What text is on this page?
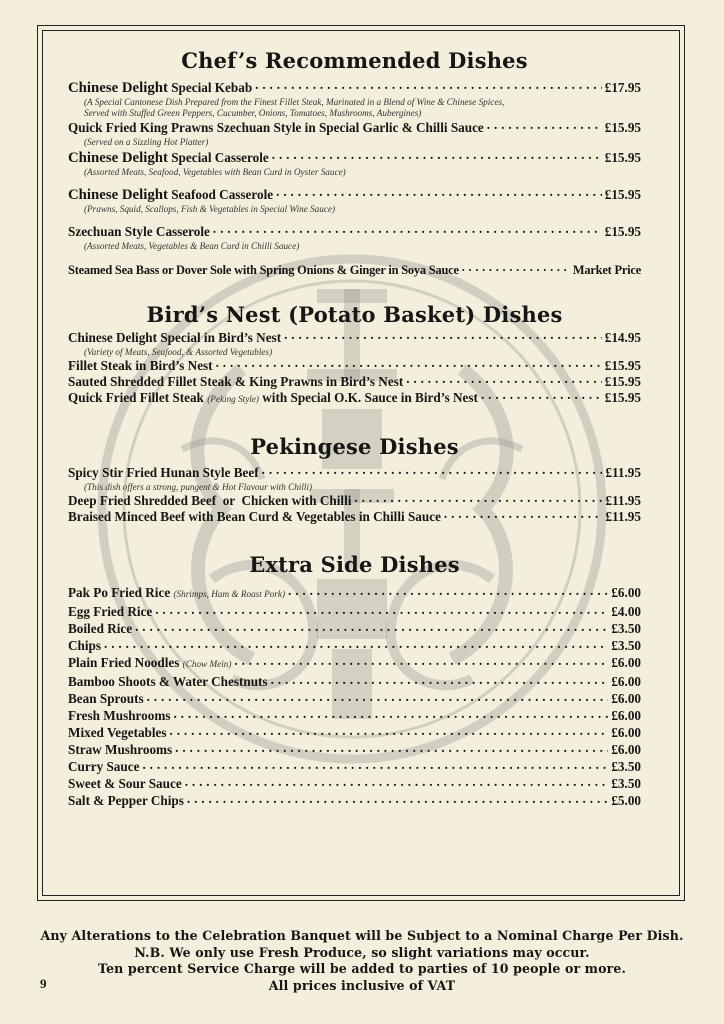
Chef’s Recommended Dishes
Chinese Delight Special Kebab . . .	£17.95
(A Special Cantonese Dish Prepared from the Finest Fillet Steak, Marinated in a Blend of Wine & Chinese Spices, Served with Stuffed Green Peppers, Cucumber, Onions, Tomatoes, Mushrooms, Aubergines)
Quick Fried King Prawns Szechuan Style in Special Garlic & Chilli Sauce . . .	£15.95
(Served on a Sizzling Hot Platter)
Chinese Delight Special Casserole . . .	£15.95
(Assorted Meats, Seafood, Vegetables with Bean Curd in Oyster Sauce)
Chinese Delight Seafood Casserole . . .	£15.95
(Prawns, Squid, Scallops, Fish & Vegetables in Special Wine Sauce)
Szechuan Style Casserole . . .	£15.95
(Assorted Meats, Vegetables & Bean Curd in Chilli Sauce)
Steamed Sea Bass or Dover Sole with Spring Onions & Ginger in Soya Sauce . . .	Market Price
Bird’s Nest (Potato Basket) Dishes
Chinese Delight Special in Bird’s Nest . . .	£14.95
(Variety of Meats, Seafood, & Assorted Vegetables)
Fillet Steak in Bird’s Nest . . .	£15.95
Sauted Shredded Fillet Steak & King Prawns in Bird’s Nest . . .	£15.95
Quick Fried Fillet Steak (Peking Style) with Special O.K. Sauce in Bird’s Nest . . .	£15.95
Pekingese Dishes
Spicy Stir Fried Hunan Style Beef . . .	£11.95
(This dish offers a strong, pungent & Hot Flavour with Chilli)
Deep Fried Shredded Beef  or  Chicken with Chilli . . .	£11.95
Braised Minced Beef with Bean Curd & Vegetables in Chilli Sauce . . .	£11.95
Extra Side Dishes
Pak Po Fried Rice (Shrimps, Ham & Roast Pork) . . .	£6.00
Egg Fried Rice . . .	£4.00
Boiled Rice . . .	£3.50
Chips . . .	£3.50
Plain Fried Noodles (Chow Mein) . . .	£6.00
Bamboo Shoots & Water Chestnuts . . .	£6.00
Bean Sprouts . . .	£6.00
Fresh Mushrooms . . .	£6.00
Mixed Vegetables . . .	£6.00
Straw Mushrooms . . .	£6.00
Curry Sauce . . .	£3.50
Sweet & Sour Sauce . . .	£3.50
Salt & Pepper Chips . . .	£5.00
Any Alterations to the Celebration Banquet will be Subject to a Nominal Charge Per Dish.
N.B. We only use Fresh Produce, so slight variations may occur.
Ten percent Service Charge will be added to parties of 10 people or more.
All prices inclusive of VAT
9
